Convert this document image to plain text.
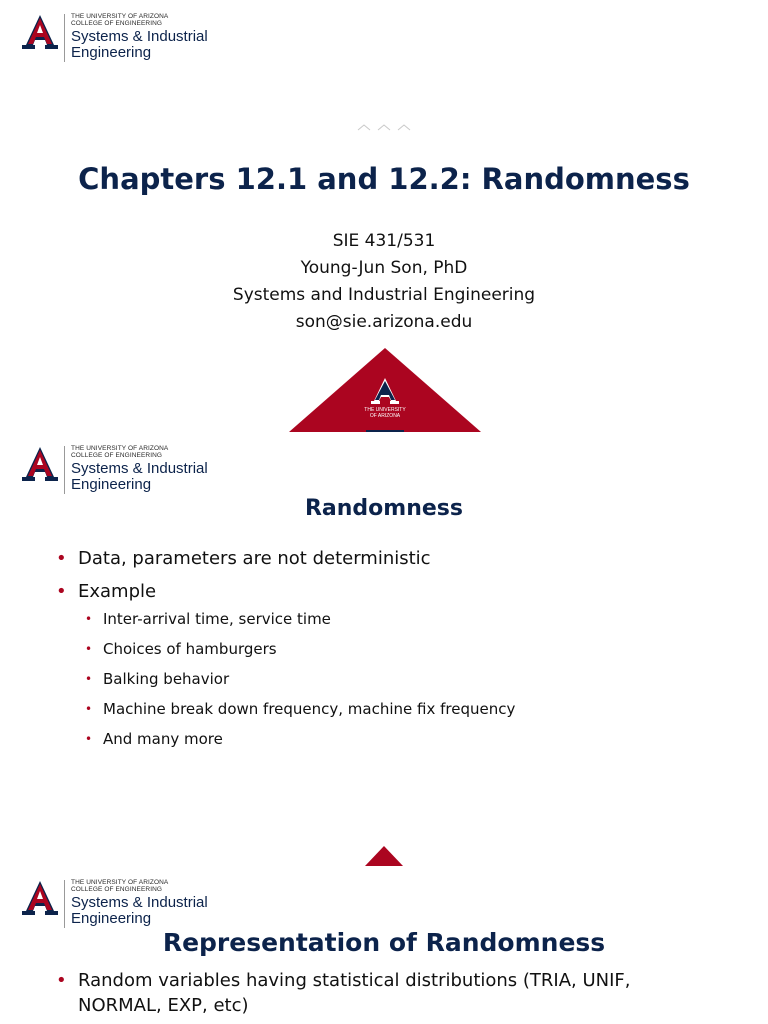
THE UNIVERSITY OF ARIZONA
COLLEGE OF ENGINEERING
Systems & Industrial
Engineering
Chapters 12.1 and 12.2: Randomness
SIE 431/531
Young-Jun Son, PhD
Systems and Industrial Engineering
son@sie.arizona.edu
THE UNIVERSITY
OF ARIZONA
THE UNIVERSITY OF ARIZONA
COLLEGE OF ENGINEERING
Systems & Industrial
Engineering
Randomness
• Data, parameters are not deterministic
• Example
• Inter-arrival time, service time
• Choices of hamburgers
• Balking behavior
• Machine break down frequency, machine fix frequency
• And many more
THE UNIVERSITY OF ARIZONA
COLLEGE OF ENGINEERING
Systems & Industrial
Engineering
Representation of Randomness
• Random variables having statistical distributions (TRIA, UNIF, NORMAL, EXP, etc)
